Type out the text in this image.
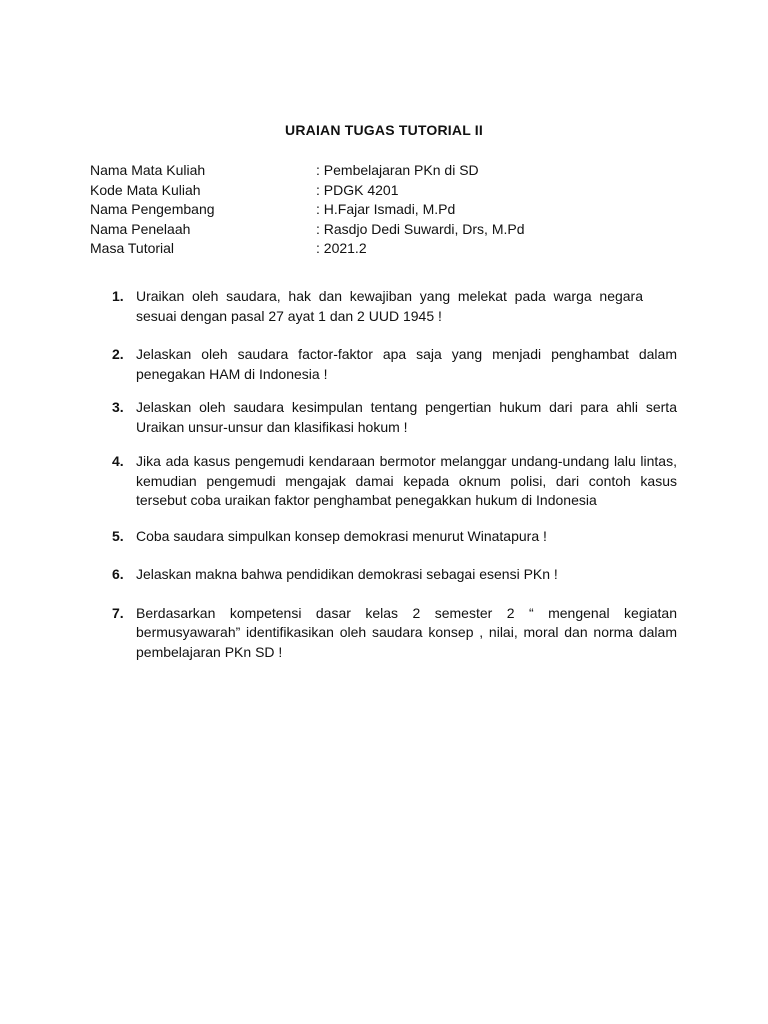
URAIAN TUGAS TUTORIAL II
Nama Mata Kuliah	: Pembelajaran PKn di SD
Kode Mata Kuliah	: PDGK 4201
Nama Pengembang	: H.Fajar Ismadi, M.Pd
Nama Penelaah	: Rasdjo Dedi Suwardi, Drs, M.Pd
Masa Tutorial	: 2021.2
1. Uraikan oleh saudara, hak dan kewajiban yang melekat pada warga negara sesuai dengan pasal 27 ayat 1 dan 2 UUD 1945 !
2. Jelaskan oleh saudara factor-faktor apa saja yang menjadi penghambat dalam penegakan HAM di Indonesia !
3. Jelaskan oleh saudara kesimpulan tentang pengertian hukum dari para ahli serta Uraikan unsur-unsur dan klasifikasi hokum !
4. Jika ada kasus pengemudi kendaraan bermotor melanggar undang-undang lalu lintas, kemudian pengemudi mengajak damai kepada oknum polisi, dari contoh kasus tersebut coba uraikan faktor penghambat penegakkan hukum di Indonesia
5. Coba saudara simpulkan konsep demokrasi menurut Winatapura !
6. Jelaskan makna bahwa pendidikan demokrasi sebagai esensi PKn !
7. Berdasarkan kompetensi dasar kelas 2 semester 2 “ mengenal kegiatan bermusyawarah” identifikasikan oleh saudara konsep , nilai, moral dan norma dalam pembelajaran PKn SD !
